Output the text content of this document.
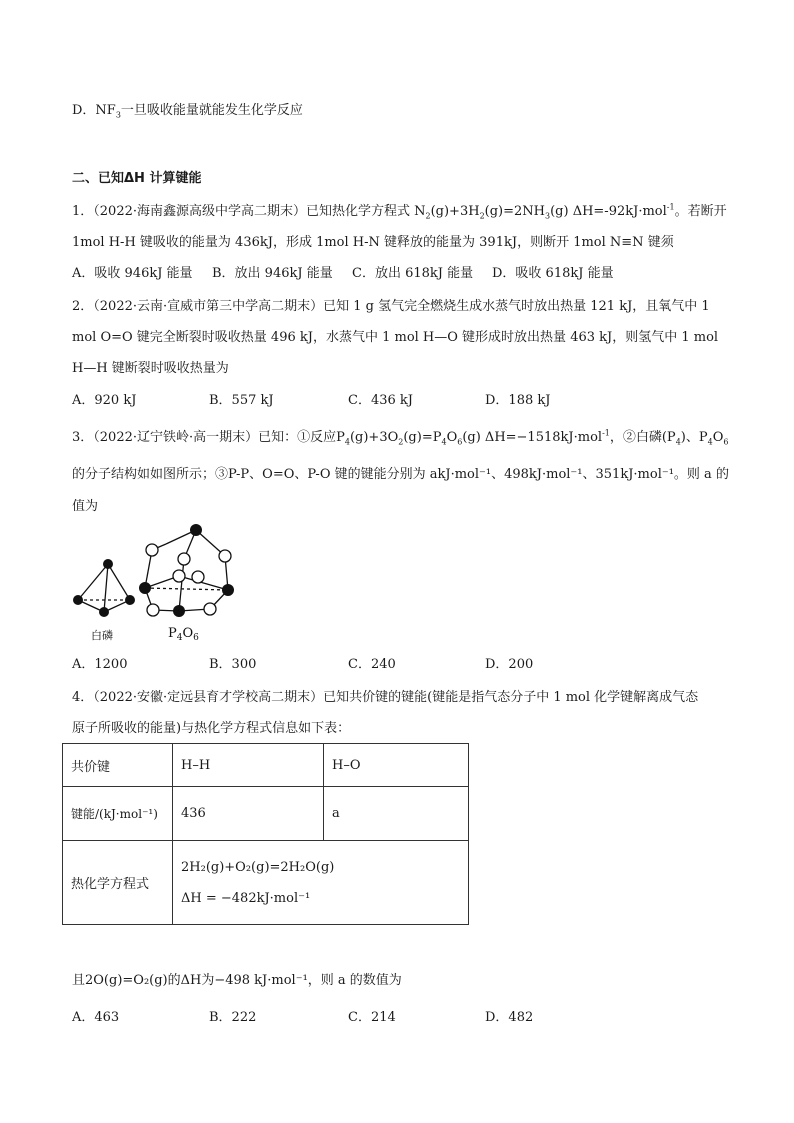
D．$NF_3$一旦吸收能量就能发生化学反应
二、已知ΔH 计算键能
1．（2022·海南鑫源高级中学高二期末）已知热化学方程式 $N_2(g)+3H_2(g)=2NH_3(g)$ ΔH=-92kJ·mol$^{-1}$。若断开
1mol H-H 键吸收的能量为 436kJ，形成 1mol H-N 键释放的能量为 391kJ，则断开 1mol N≡N 键须
A．吸收 946kJ 能量 B．放出 946kJ 能量 C．放出 618kJ 能量 D．吸收 618kJ 能量
2．（2022·云南·宣威市第三中学高二期末）已知 1 g 氢气完全燃烧生成水蒸气时放出热量 121 kJ，且氧气中 1
mol O=O 键完全断裂时吸收热量 496 kJ，水蒸气中 1 mol H—O 键形成时放出热量 463 kJ，则氢气中 1 mol
H—H 键断裂时吸收热量为
A．920 kJ	B．557 kJ	C．436 kJ	D．188 kJ
3．（2022·辽宁铁岭·高一期末）已知：①反应$P_4(g)+3O_2(g)=P_4O_6(g)$ ΔH=−1518kJ·mol$^{-1}$，②白磷$(P_4)$、$P_4O_6$
的分子结构如如图所示；③P-P、O=O、P-O 键的键能分别为 akJ·mol⁻¹、498kJ·mol⁻¹、351kJ·mol⁻¹。则 a 的
值为
白磷	$P_4O_6$
A．1200	B．300	C．240	D．200
4．（2022·安徽·定远县育才学校高二期末）已知共价键的键能(键能是指气态分子中 1 mol 化学键解离成气态
原子所吸收的能量)与热化学方程式信息如下表：
共价键	H–H	H–O
键能/(kJ·mol⁻¹)	436	a
热化学方程式	2H₂(g)+O₂(g)=2H₂O(g)
ΔH = −482kJ·mol⁻¹	
且2O(g)=O₂(g)的ΔH为−498 kJ·mol⁻¹，则 a 的数值为
A．463	B．222	C．214	D．482
